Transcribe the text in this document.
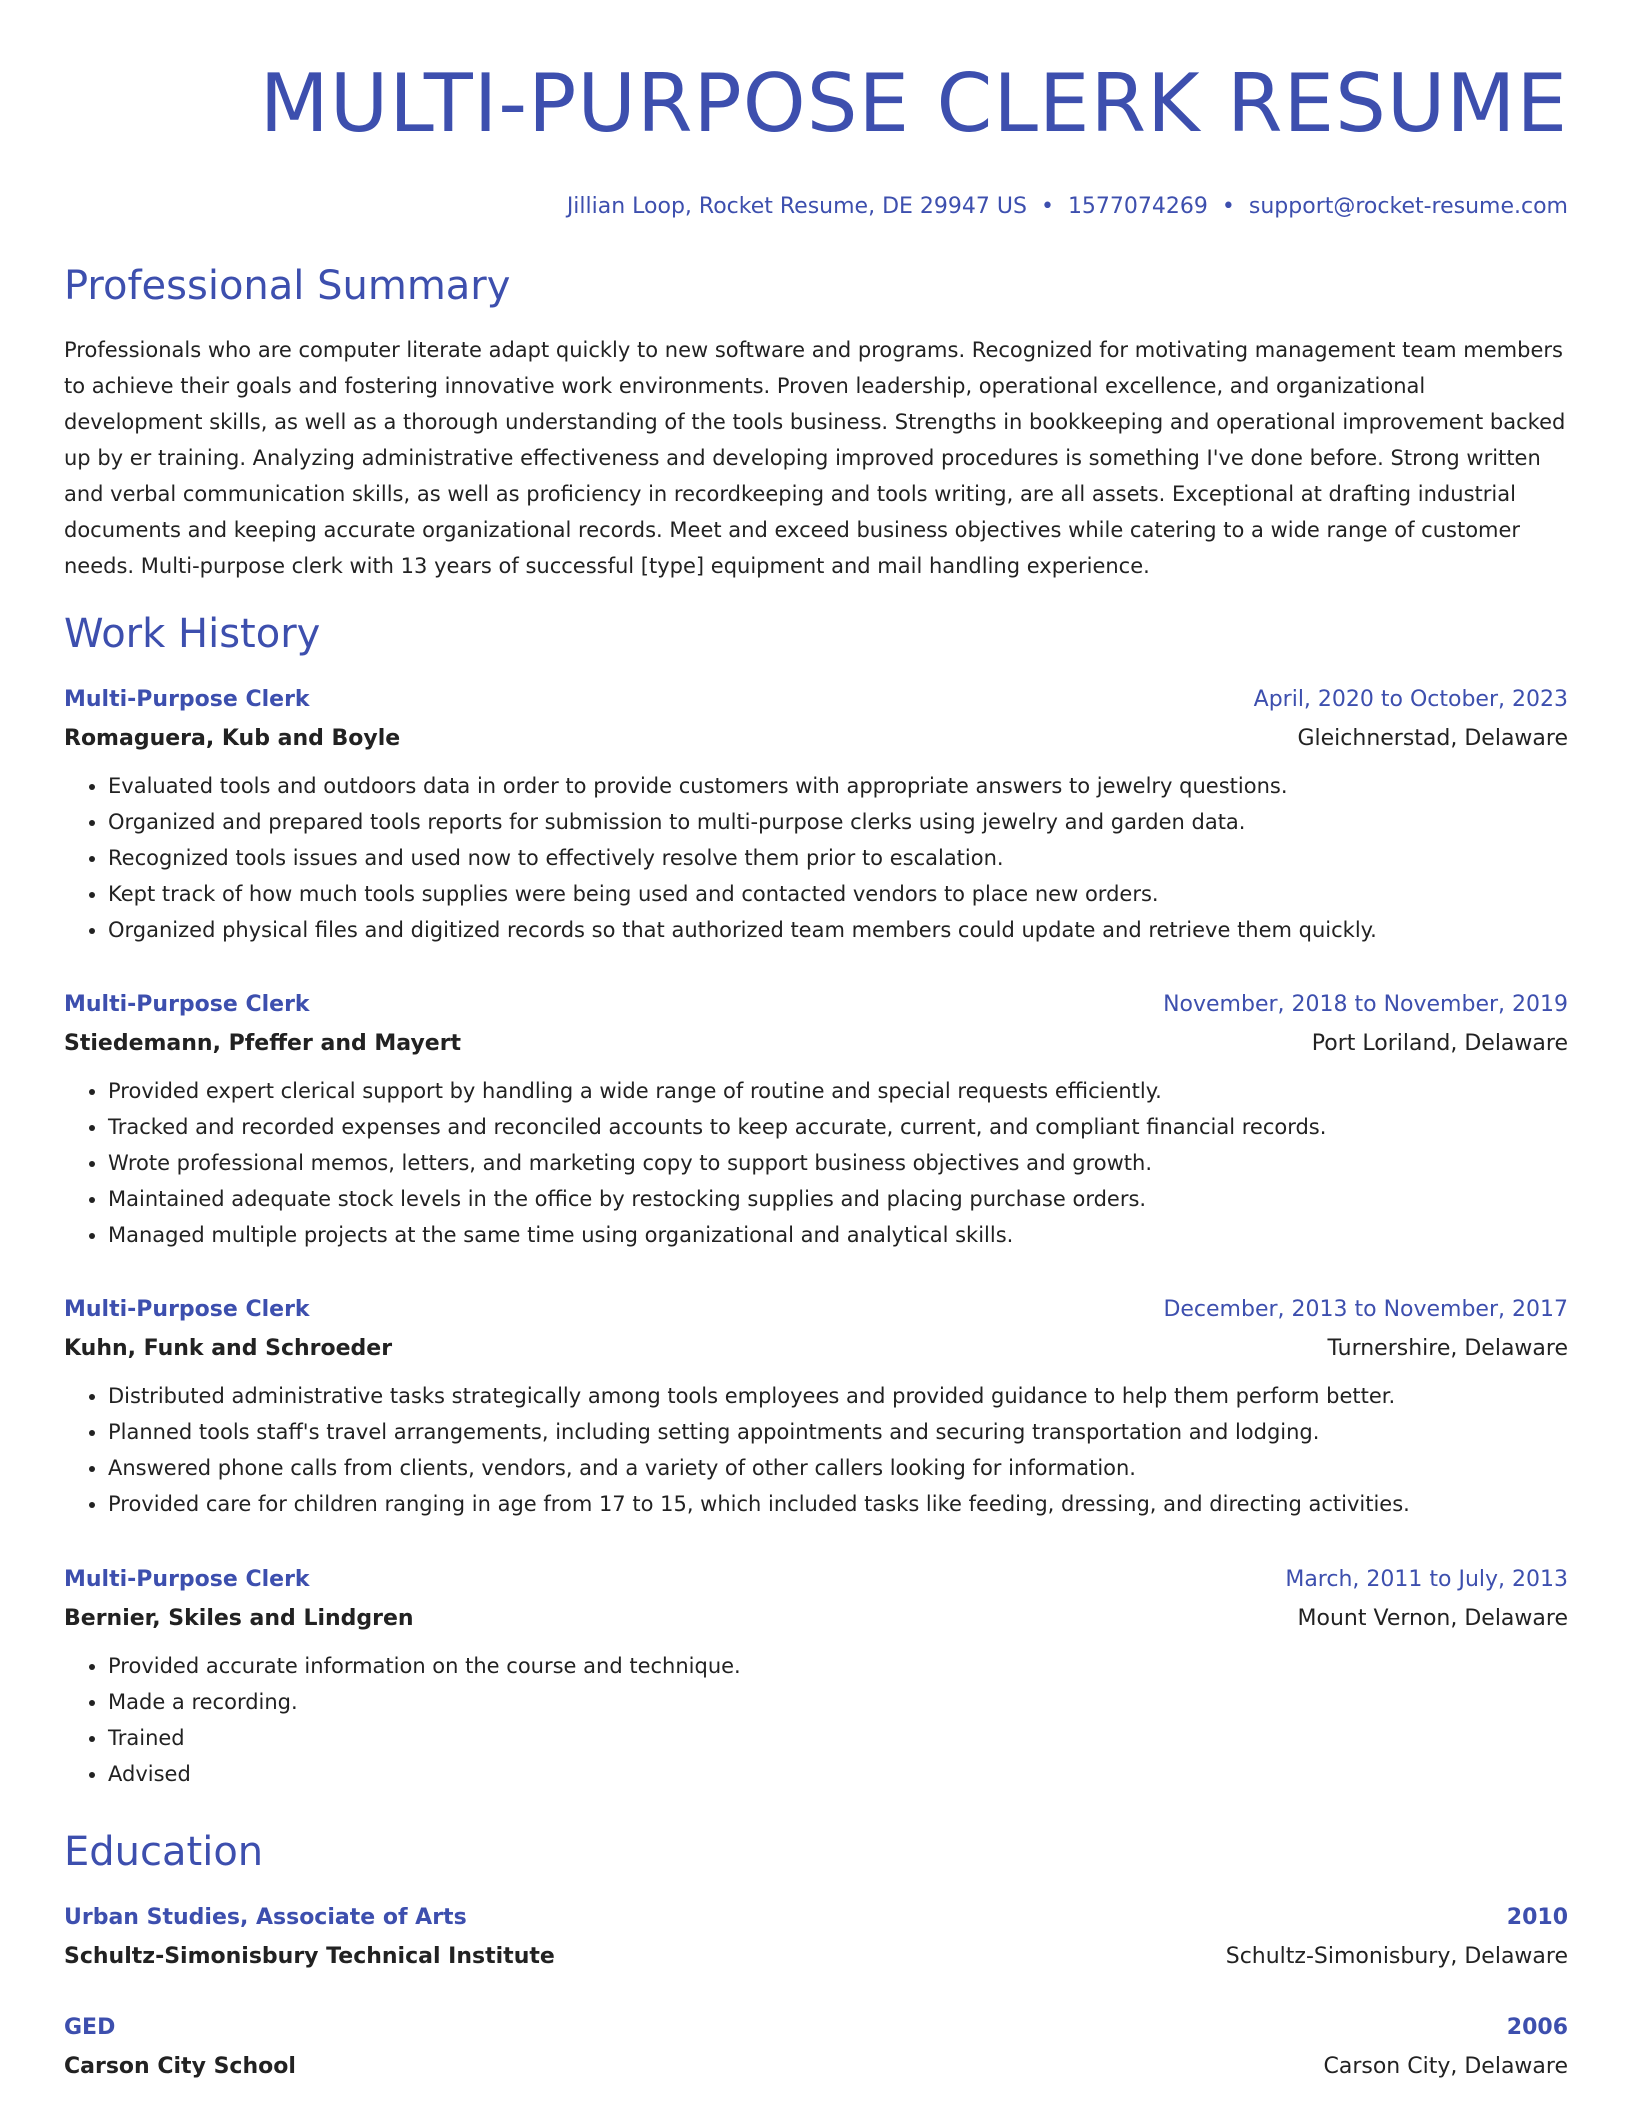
MULTI-PURPOSE CLERK RESUME
Jillian Loop, Rocket Resume, DE 29947 US • 1577074269 • support@rocket-resume.com
Professional Summary

Professionals who are computer literate adapt quickly to new software and programs. Recognized for motivating management team members to achieve their goals and fostering innovative work environments. Proven leadership, operational excellence, and organizational development skills, as well as a thorough understanding of the tools business. Strengths in bookkeeping and operational improvement backed up by er training. Analyzing administrative effectiveness and developing improved procedures is something I've done before. Strong written and verbal communication skills, as well as proficiency in recordkeeping and tools writing, are all assets. Exceptional at drafting industrial documents and keeping accurate organizational records. Meet and exceed business objectives while catering to a wide range of customer needs. Multi-purpose clerk with 13 years of successful [type] equipment and mail handling experience.

Work History
Multi-Purpose Clerk	April, 2020 to October, 2023
Romaguera, Kub and Boyle	Gleichnerstad, Delaware
• Evaluated tools and outdoors data in order to provide customers with appropriate answers to jewelry questions.
• Organized and prepared tools reports for submission to multi-purpose clerks using jewelry and garden data.
• Recognized tools issues and used now to effectively resolve them prior to escalation.
• Kept track of how much tools supplies were being used and contacted vendors to place new orders.
• Organized physical files and digitized records so that authorized team members could update and retrieve them quickly.
Multi-Purpose Clerk	November, 2018 to November, 2019
Stiedemann, Pfeffer and Mayert	Port Loriland, Delaware
• Provided expert clerical support by handling a wide range of routine and special requests efficiently.
• Tracked and recorded expenses and reconciled accounts to keep accurate, current, and compliant financial records.
• Wrote professional memos, letters, and marketing copy to support business objectives and growth.
• Maintained adequate stock levels in the office by restocking supplies and placing purchase orders.
• Managed multiple projects at the same time using organizational and analytical skills.
Multi-Purpose Clerk	December, 2013 to November, 2017
Kuhn, Funk and Schroeder	Turnershire, Delaware
• Distributed administrative tasks strategically among tools employees and provided guidance to help them perform better.
• Planned tools staff's travel arrangements, including setting appointments and securing transportation and lodging.
• Answered phone calls from clients, vendors, and a variety of other callers looking for information.
• Provided care for children ranging in age from 17 to 15, which included tasks like feeding, dressing, and directing activities.
Multi-Purpose Clerk	March, 2011 to July, 2013
Bernier, Skiles and Lindgren	Mount Vernon, Delaware
• Provided accurate information on the course and technique.
• Made a recording.
• Trained
• Advised
Education
Urban Studies, Associate of Arts	2010
Schultz-Simonisbury Technical Institute	Schultz-Simonisbury, Delaware
GED	2006
Carson City School	Carson City, Delaware
